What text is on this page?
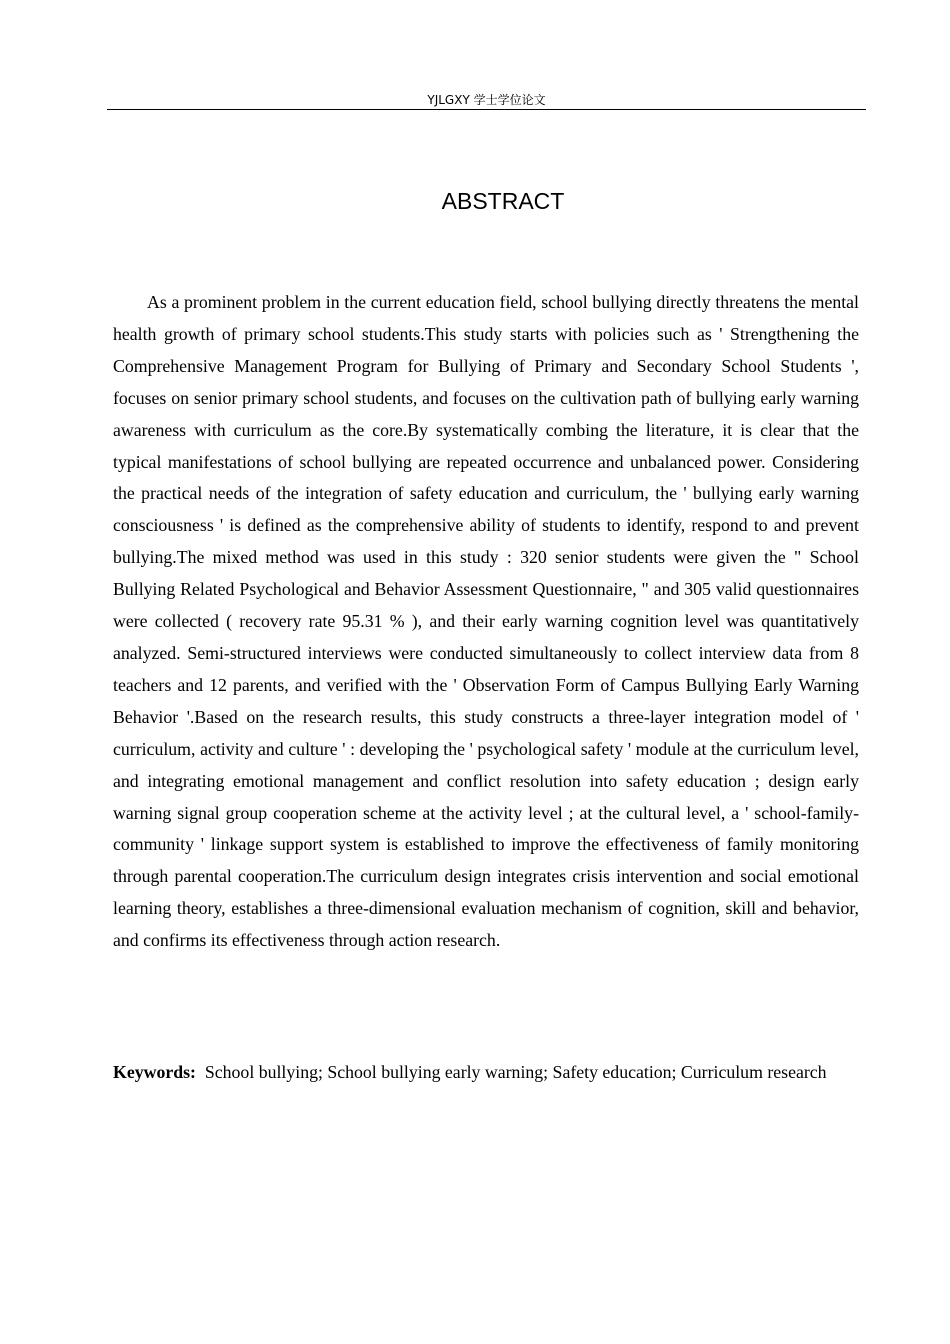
YJLGXY 学士学位论文
ABSTRACT

As a prominent problem in the current education field, school bullying directly threatens the mental health growth of primary school students.This study starts with policies such as ' Strengthening the Comprehensive Management Program for Bullying of Primary and Secondary School Students ', focuses on senior primary school students, and focuses on the cultivation path of bullying early warning awareness with curriculum as the core.By systematically combing the literature, it is clear that the typical manifestations of school bullying are repeated occurrence and unbalanced power. Considering the practical needs of the integration of safety education and curriculum, the ' bullying early warning consciousness ' is defined as the comprehensive ability of students to identify, respond to and prevent bullying.The mixed method was used in this study : 320 senior students were given the " School Bullying Related Psychological and Behavior Assessment Questionnaire, " and 305 valid questionnaires were collected ( recovery rate 95.31 % ), and their early warning cognition level was quantitatively analyzed. Semi-structured interviews were conducted simultaneously to collect interview data from 8 teachers and 12 parents, and verified with the ' Observation Form of Campus Bullying Early Warning Behavior '.Based on the research results, this study constructs a three-layer integration model of ' curriculum, activity and culture ' : developing the ' psychological safety ' module at the curriculum level, and integrating emotional management and conflict resolution into safety education ; design early warning signal group cooperation scheme at the activity level ; at the cultural level, a ' school-family-community ' linkage support system is established to improve the effectiveness of family monitoring through parental cooperation.The curriculum design integrates crisis intervention and social emotional learning theory, establishes a three-dimensional evaluation mechanism of cognition, skill and behavior, and confirms its effectiveness through action research.

Keywords: School bullying; School bullying early warning; Safety education; Curriculum research
